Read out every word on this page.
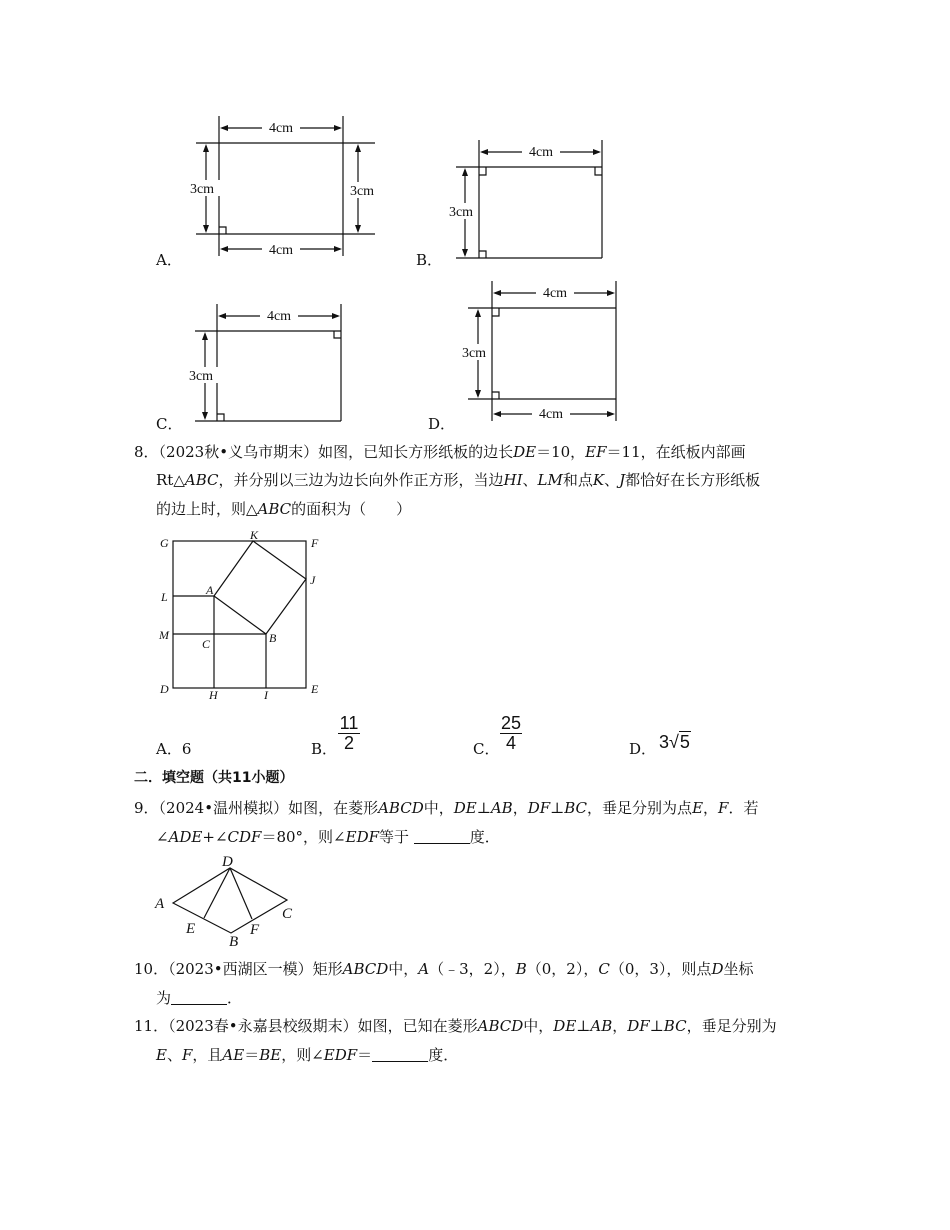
4cm
4cm
3cm	3cm
A．
4cm
3cm
B．
4cm
3cm
C．
4cm
4cm
3cm
D．
8．（2023秋•义乌市期末）如图，已知长方形纸板的边长DE＝10，EF＝11，在纸板内部画
Rt△ABC，并分别以三边为边长向外作正方形，当边HI、LM和点K、J都恰好在长方形纸板
的边上时，则△ABC的面积为（　　）
G
K
F
J
L	A
M
C	B
D	H	I	E
A．6	B．
11
2	C．
25
4	D． 3√5
二．填空题（共11小题）
9．（2024•温州模拟）如图，在菱形ABCD中，DE⊥AB，DF⊥BC，垂足分别为点E，F．若
∠ADE+∠CDF＝80°，则∠EDF等于	度．
D
A
E
B
F
C
10．（2023•西湖区一模）矩形ABCD中，A（﹣3，2），B（0，2），C（0，3），则点D坐标
为	．
11．（2023春•永嘉县校级期末）如图，已知在菱形ABCD中，DE⊥AB，DF⊥BC，垂足分别为
E、F，且AE＝BE，则∠EDF＝	度．
